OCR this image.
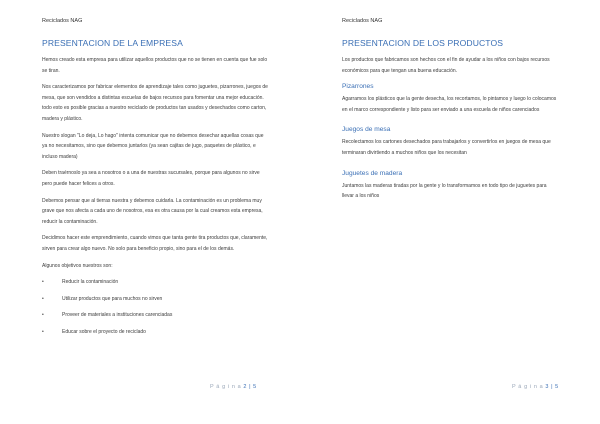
Reciclados NAG
PRESENTACION DE LA EMPRESA

Hemos creado esta empresa para utilizar aquellos productos que no se tienen en cuenta que fue solo se tiran.

Nos caracterizamos por fabricar elementos de aprendizaje tales como juguetes, pizarrones, juegos de mesa, que son vendidos a distintas escuelas de bajos recursos para fomentar una mejor educación. todo esto es posible gracias a nuestro reciclado de productos tan usados y desechados como carton, madera y plástico.

Nuestro slogan "Lo deja, Lo hago" intenta comunicar que no debemos desechar aquellas cosas que ya no necesitamos, sino que debemos juntarlos (ya sean cajitas de jugo, paquetes de plástico, e incluso madera)

Deben traérnoslo ya sea a nosotros o a una de nuestras sucursales, porque para algunos no sirve pero puede hacer felices a otros.

Debemos pensar que al tierras nuestra y debemos cuidarla. La contaminación es un problema muy grave que nos afecta a cada uno de nosotros, esa es otra causa por la cual creamos esta empresa, reducir la contaminación.

Decidimos hacer este emprendimiento, cuando vimos que tanta gente tira productos que, claramente, sirven para crear algo nuevo. No solo para beneficio propio, sino para el de los demás.

Algunos objetivos nuestros son:

•	Reducir la contaminación
•	Utilizar productos que para muchos no sirven
•	Proveer de materiales a instituciones carenciadas
•	Educar sobre el proyecto de reciclado
P á g i n a 2 | 5
Reciclados NAG
PRESENTACION DE LOS PRODUCTOS

Los productos que fabricamos son hechos con el fin de ayudar a los niños con bajos recursos económicos para que tengan una buena educación.

Pizarrones

Agarramos los plásticos que la gente desecha, los recortamos, lo pintamos y luego lo colocamos en el marco correspondiente y listo para ser enviado a una escuela de niños carenciados

Juegos de mesa

Recolectamos los cartones desechados para trabajarlos y convertirlos en juegos de mesa que terminaran divirtiendo a muchos niños que los necesitan

Juguetes de madera

Juntamos las maderas tiradas por la gente y lo transformamos en todo tipo de juguetes para llevar a los niños

P á g i n a 3 | 5
